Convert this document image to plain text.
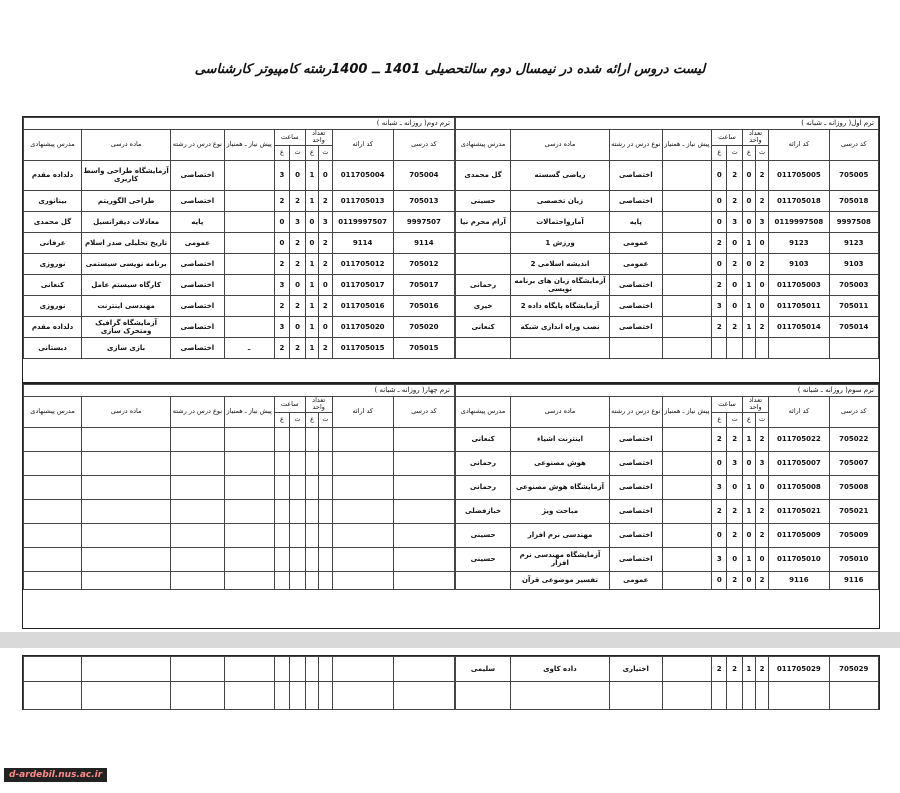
لیست دروس ارائه شده در نیمسال دوم سالتحصیلی 1401 ــ 1400رشته کامپیوتر کارشناسی
ترم اول( روزانه ـ شبانه )									
کد درسی	کد ارائه	تعداد واحد		ساعت		پیش نیاز ـ همنیاز	نوع درس در رشته	ماده درسی	مدرس پیشنهادی
		ت	ع	ت	ع				
705005	011705005	2	0	2	0		اختصاصی	ریاضی گسسته	گل محمدی
705018	011705018	2	0	2	0		اختصاصی	زبان تخصصی	حسینی
9997508	0119997508	3	0	3	0		پایه	آمارواحتمالات	آرام محرم نیا
9123	9123	0	1	0	2		عمومی	ورزش 1	
9103	9103	2	0	2	0		عمومی	اندیشه اسلامی 2	
705003	011705003	0	1	0	2		اختصاصی	آزمایشگاه زبان های برنامه نویسی	رحمانی
705011	011705011	0	1	0	3		اختصاصی	آزمایشگاه پایگاه داده 2	خیری
705014	011705014	2	1	2	2		اختصاصی	نصب وراه اندازی شبکه	کنعانی

ترم دوم( روزانه ـ شبانه )									
کد درسی	کد ارائه	تعداد واحد		ساعت		پیش نیاز ـ همنیاز	نوع درس در رشته	ماده درسی	مدرس پیشنهادی
		ت	ع	ت	ع				
705004	011705004	0	1	0	3		اختصاصی	آزمایشگاه طراحی واسط کاربری	دلداده مقدم
705013	011705013	2	1	2	2		اختصاصی	طراحی الگوریتم	بینانوری
9997507	0119997507	3	0	3	0		پایه	معادلات دیفرانسیل	گل محمدی
9114	9114	2	0	2	0		عمومی	تاریخ تحلیلی صدر اسلام	عرفانی
705012	011705012	2	1	2	2		اختصاصی	برنامه نویسی سیستمی	نوروزی
705017	011705017	0	1	0	3		اختصاصی	کارگاه سیستم عامل	کنعانی
705016	011705016	2	1	2	2		اختصاصی	مهندسی اینترنت	نوروزی
705020	011705020	0	1	0	3		اختصاصی	آزمایشگاه گرافیک ومتحرک سازی	دلداده مقدم
705015	011705015	2	1	2	2	ـ	اختصاصی	بازی سازی	دبستانی
ترم سوم( روزانه ـ شبانه )									
کد درسی	کد ارائه	تعداد واحد		ساعت		پیش نیاز ـ همنیاز	نوع درس در رشته	ماده درسی	مدرس پیشنهادی
		ت	ع	ت	ع				
705022	011705022	2	1	2	2		اختصاصی	اینترنت اشیاء	کنعانی
705007	011705007	3	0	3	0		اختصاصی	هوش مصنوعی	رحمانی
705008	011705008	0	1	0	3		اختصاصی	آزمایشگاه هوش مصنوعی	رحمانی
705021	011705021	2	1	2	2		اختصاصی	مباحث ویژ	خبازفضلی
705009	011705009	2	0	2	0		اختصاصی	مهندسی نرم افزار	حسینی
705010	011705010	0	1	0	3		اختصاصی	آزمایشگاه مهندسی نرم افزار	حسینی
9116	9116	2	0	2	0		عمومی	تفسیر موضوعی قرآن	
ترم چهار( روزانه ـ شبانه )									
کد درسی	کد ارائه	تعداد واحد		ساعت		پیش نیاز ـ همنیاز	نوع درس در رشته	ماده درسی	مدرس پیشنهادی
		ت	ع	ت	ع				

705029	011705029	2	1	2	2		اختیاری	داده کاوی	سلیمی

d-ardebil.nus.ac.ir
